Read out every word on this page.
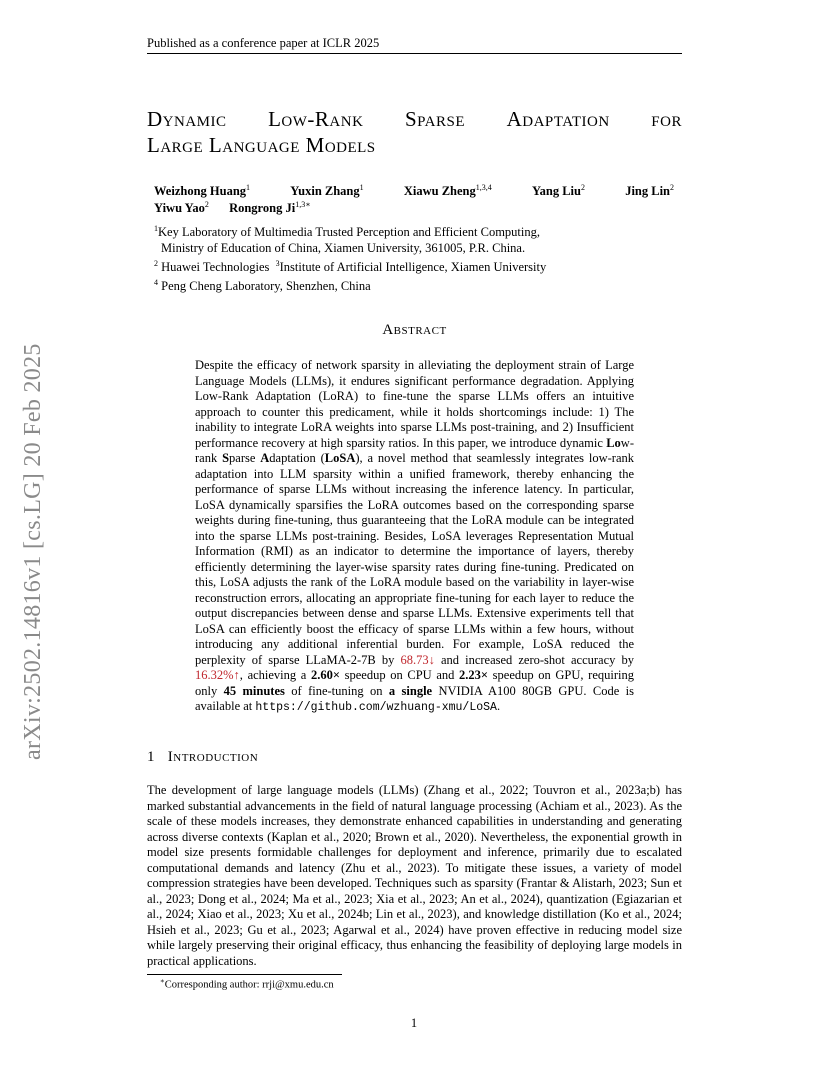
Published as a conference paper at ICLR 2025
arXiv:2502.14816v1 [cs.LG] 20 Feb 2025
Dynamic Low-Rank Sparse Adaptation for
Large Language Models
Weizhong Huang$^1$	Yuxin Zhang$^1$	Xiawu Zheng$^{1,3,4}$	Yang Liu$^2$	Jing Lin$^2$
Yiwu Yao$^2$ Rongrong $Ji^{1,3∗}$
$^1$Key Laboratory of Multimedia Trusted Perception and Efficient Computing,
Ministry of Education of China, Xiamen University, 361005, P.R. China.
$^2$ Huawei Technologies $^3$Institute of Artificial Intelligence, Xiamen University
$^4$ Peng Cheng Laboratory, Shenzhen, China
Abstract
Despite the efficacy of network sparsity in alleviating the deployment strain of Large Language Models (LLMs), it endures significant performance degradation. Applying Low-Rank Adaptation (LoRA) to fine-tune the sparse LLMs offers an intuitive approach to counter this predicament, while it holds shortcomings include: 1) The inability to integrate LoRA weights into sparse LLMs post-training, and 2) Insufficient performance recovery at high sparsity ratios. In this paper, we introduce dynamic Low-rank Sparse Adaptation (LoSA), a novel method that seamlessly integrates low-rank adaptation into LLM sparsity within a unified framework, thereby enhancing the performance of sparse LLMs without increasing the inference latency. In particular, LoSA dynamically sparsifies the LoRA outcomes based on the corresponding sparse weights during fine-tuning, thus guaranteeing that the LoRA module can be integrated into the sparse LLMs post-training. Besides, LoSA leverages Representation Mutual Information (RMI) as an indicator to determine the importance of layers, thereby efficiently determining the layer-wise sparsity rates during fine-tuning. Predicated on this, LoSA adjusts the rank of the LoRA module based on the variability in layer-wise reconstruction errors, allocating an appropriate fine-tuning for each layer to reduce the output discrepancies between dense and sparse LLMs. Extensive experiments tell that LoSA can efficiently boost the efficacy of sparse LLMs within a few hours, without introducing any additional inferential burden. For example, LoSA reduced the perplexity of sparse LLaMA-2-7B by 68.73↓ and increased zero-shot accuracy by 16.32%↑, achieving a 2.60× speedup on CPU and 2.23× speedup on GPU, requiring only 45 minutes of fine-tuning on a single NVIDIA A100 80GB GPU. Code is available at https://github.com/wzhuang-xmu/LoSA.
1 Introduction
The development of large language models (LLMs) (Zhang et al., 2022; Touvron et al., 2023a;b) has marked substantial advancements in the field of natural language processing (Achiam et al., 2023). As the scale of these models increases, they demonstrate enhanced capabilities in understanding and generating across diverse contexts (Kaplan et al., 2020; Brown et al., 2020). Nevertheless, the exponential growth in model size presents formidable challenges for deployment and inference, primarily due to escalated computational demands and latency (Zhu et al., 2023). To mitigate these issues, a variety of model compression strategies have been developed. Techniques such as sparsity (Frantar & Alistarh, 2023; Sun et al., 2023; Dong et al., 2024; Ma et al., 2023; Xia et al., 2023; An et al., 2024), quantization (Egiazarian et al., 2024; Xiao et al., 2023; Xu et al., 2024b; Lin et al., 2023), and knowledge distillation (Ko et al., 2024; Hsieh et al., 2023; Gu et al., 2023; Agarwal et al., 2024) have proven effective in reducing model size while largely preserving their original efficacy, thus enhancing the feasibility of deploying large models in practical applications.
∗Corresponding author: rrji@xmu.edu.cn
1
